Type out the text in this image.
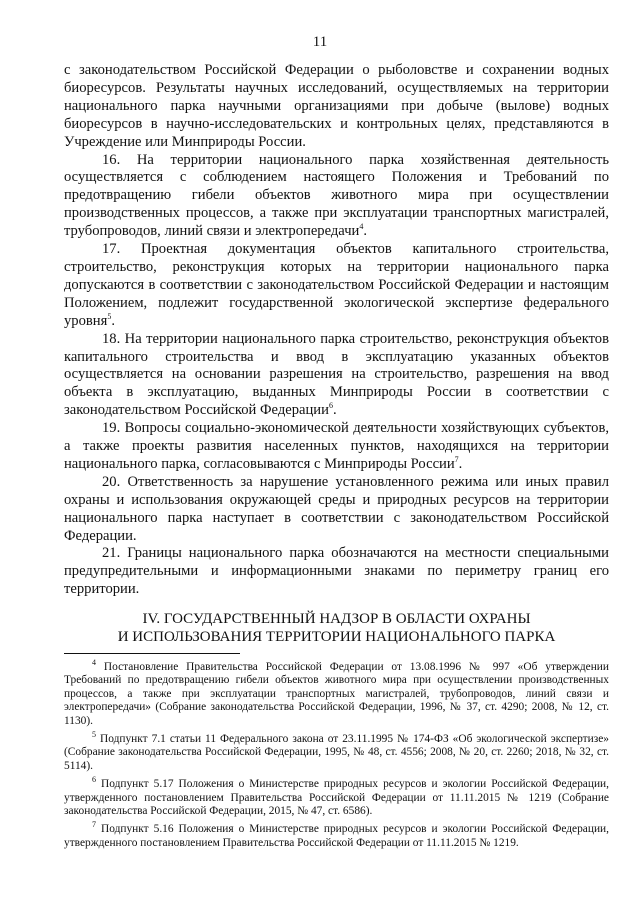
11

с законодательством Российской Федерации о рыболовстве и сохранении водных биоресурсов. Результаты научных исследований, осуществляемых на территории национального парка научными организациями при добыче (вылове) водных биоресурсов в научно-исследовательских и контрольных целях, представляются в Учреждение или Минприроды России.

16. На территории национального парка хозяйственная деятельность осуществляется с соблюдением настоящего Положения и Требований по предотвращению гибели объектов животного мира при осуществлении производственных процессов, а также при эксплуатации транспортных магистралей, трубопроводов, линий связи и электропередачи$^4$.

17. Проектная документация объектов капитального строительства, строительство, реконструкция которых на территории национального парка допускаются в соответствии с законодательством Российской Федерации и настоящим Положением, подлежит государственной экологической экспертизе федерального уровня$^5$.

18. На территории национального парка строительство, реконструкция объектов капитального строительства и ввод в эксплуатацию указанных объектов осуществляется на основании разрешения на строительство, разрешения на ввод объекта в эксплуатацию, выданных Минприроды России в соответствии с законодательством Российской Федерации$^6$.

19. Вопросы социально-экономической деятельности хозяйствующих субъектов, а также проекты развития населенных пунктов, находящихся на территории национального парка, согласовываются с Минприроды России$^7$.

20. Ответственность за нарушение установленного режима или иных правил охраны и использования окружающей среды и природных ресурсов на территории национального парка наступает в соответствии с законодательством Российской Федерации.

21. Границы национального парка обозначаются на местности специальными предупредительными и информационными знаками по периметру границ его территории.

IV. ГОСУДАРСТВЕННЫЙ НАДЗОР В ОБЛАСТИ ОХРАНЫ
И ИСПОЛЬЗОВАНИЯ ТЕРРИТОРИИ НАЦИОНАЛЬНОГО ПАРКА

$^4$ Постановление Правительства Российской Федерации от 13.08.1996 № 997 «Об утверждении Требований по предотвращению гибели объектов животного мира при осуществлении производственных процессов, а также при эксплуатации транспортных магистралей, трубопроводов, линий связи и электропередачи» (Собрание законодательства Российской Федерации, 1996, № 37, ст. 4290; 2008, № 12, ст. 1130).

$^5$ Подпункт 7.1 статьи 11 Федерального закона от 23.11.1995 № 174-ФЗ «Об экологической экспертизе» (Собрание законодательства Российской Федерации, 1995, № 48, ст. 4556; 2008, № 20, ст. 2260; 2018, № 32, ст. 5114).

$^6$ Подпункт 5.17 Положения о Министерстве природных ресурсов и экологии Российской Федерации, утвержденного постановлением Правительства Российской Федерации от 11.11.2015 № 1219 (Собрание законодательства Российской Федерации, 2015, № 47, ст. 6586).

$^7$ Подпункт 5.16 Положения о Министерстве природных ресурсов и экологии Российской Федерации, утвержденного постановлением Правительства Российской Федерации от 11.11.2015 № 1219.
